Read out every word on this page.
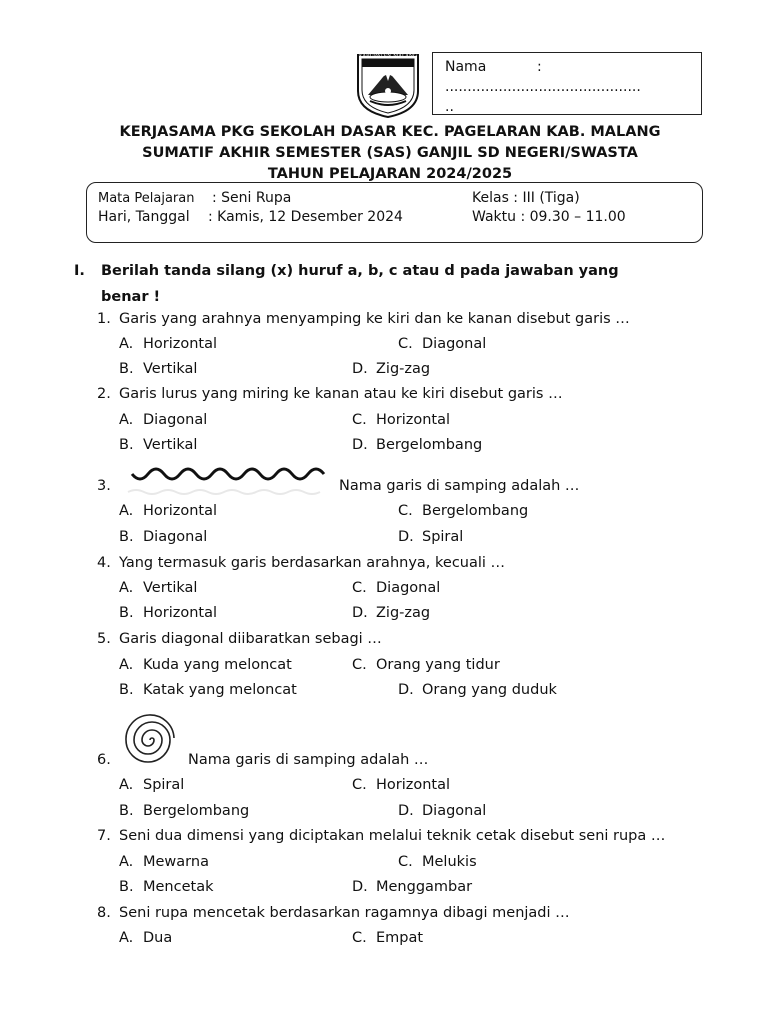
KABUPATEN MALANG
Nama	:
............................................
..
KERJASAMA PKG SEKOLAH DASAR KEC. PAGELARAN KAB. MALANG
SUMATIF AKHIR SEMESTER (SAS) GANJIL SD NEGERI/SWASTA
TAHUN PELAJARAN 2024/2025
Mata Pelajaran : Seni Rupa
Hari, Tanggal : Kamis, 12 Desember 2024
Kelas : III (Tiga)
Waktu : 09.30 – 11.00
I. Berilah tanda silang (x) huruf a, b, c atau d pada jawaban yang
benar !
1. Garis yang arahnya menyamping ke kiri dan ke kanan disebut garis …
A. Horizontal	C. Diagonal
B. Vertikal	D. Zig-zag
2. Garis lurus yang miring ke kanan atau ke kiri disebut garis …
A. Diagonal	C. Horizontal
B. Vertikal	D. Bergelombang
3.	Nama garis di samping adalah …
A. Horizontal	C. Bergelombang
B. Diagonal	D. Spiral
4. Yang termasuk garis berdasarkan arahnya, kecuali …
A. Vertikal	C. Diagonal
B. Horizontal	D. Zig-zag
5. Garis diagonal diibaratkan sebagi …
A. Kuda yang meloncat	C. Orang yang tidur
B. Katak yang meloncat	D. Orang yang duduk
6.	Nama garis di samping adalah …
A. Spiral	C. Horizontal
B. Bergelombang	D. Diagonal
7. Seni dua dimensi yang diciptakan melalui teknik cetak disebut seni rupa …
A. Mewarna	C. Melukis
B. Mencetak	D. Menggambar
8. Seni rupa mencetak berdasarkan ragamnya dibagi menjadi …
A. Dua	C. Empat
